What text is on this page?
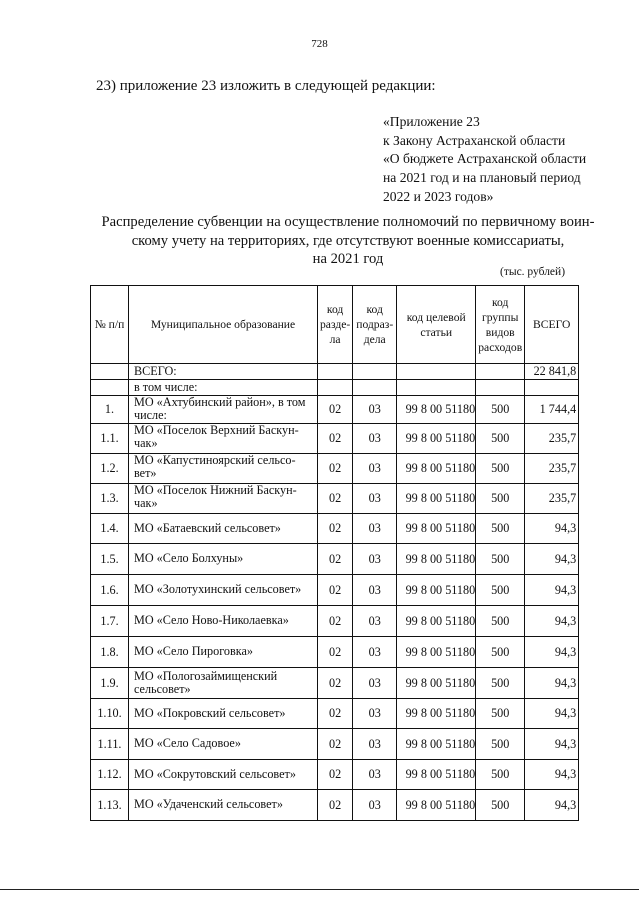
728
23) приложение 23 изложить в следующей редакции:
«Приложение 23
к Закону Астраханской области
«О бюджете Астраханской области
на 2021 год и на плановый период
2022 и 2023 годов»
Распределение субвенции на осуществление полномочий по первичному воин-
скому учету на территориях, где отсутствуют военные комиссариаты,
на 2021 год
(тыс. рублей)
№ п/п	Муниципальное образование	код разде- ла	код подраз- дела	код целевой статьи	код группы видов расходов	ВСЕГО
	ВСЕГО:					22 841,8
	в том числе:					
1.	МО «Ахтубинский район», в том числе:	02	03	99 8 00 51180	500	1 744,4
1.1.	МО «Поселок Верхний Баскун- чак»	02	03	99 8 00 51180	500	235,7
1.2.	МО «Капустиноярский сельсо- вет»	02	03	99 8 00 51180	500	235,7
1.3.	МО «Поселок Нижний Баскун- чак»	02	03	99 8 00 51180	500	235,7
1.4.	МО «Батаевский сельсовет»	02	03	99 8 00 51180	500	94,3
1.5.	МО «Село Болхуны»	02	03	99 8 00 51180	500	94,3
1.6.	МО «Золотухинский сельсовет»	02	03	99 8 00 51180	500	94,3
1.7.	МО «Село Ново-Николаевка»	02	03	99 8 00 51180	500	94,3
1.8.	МО «Село Пироговка»	02	03	99 8 00 51180	500	94,3
1.9.	МО «Пологозаймищенский сельсовет»	02	03	99 8 00 51180	500	94,3
1.10.	МО «Покровский сельсовет»	02	03	99 8 00 51180	500	94,3
1.11.	МО «Село Садовое»	02	03	99 8 00 51180	500	94,3
1.12.	МО «Сокрутовский сельсовет»	02	03	99 8 00 51180	500	94,3
1.13.	МО «Удаченский сельсовет»	02	03	99 8 00 51180	500	94,3
